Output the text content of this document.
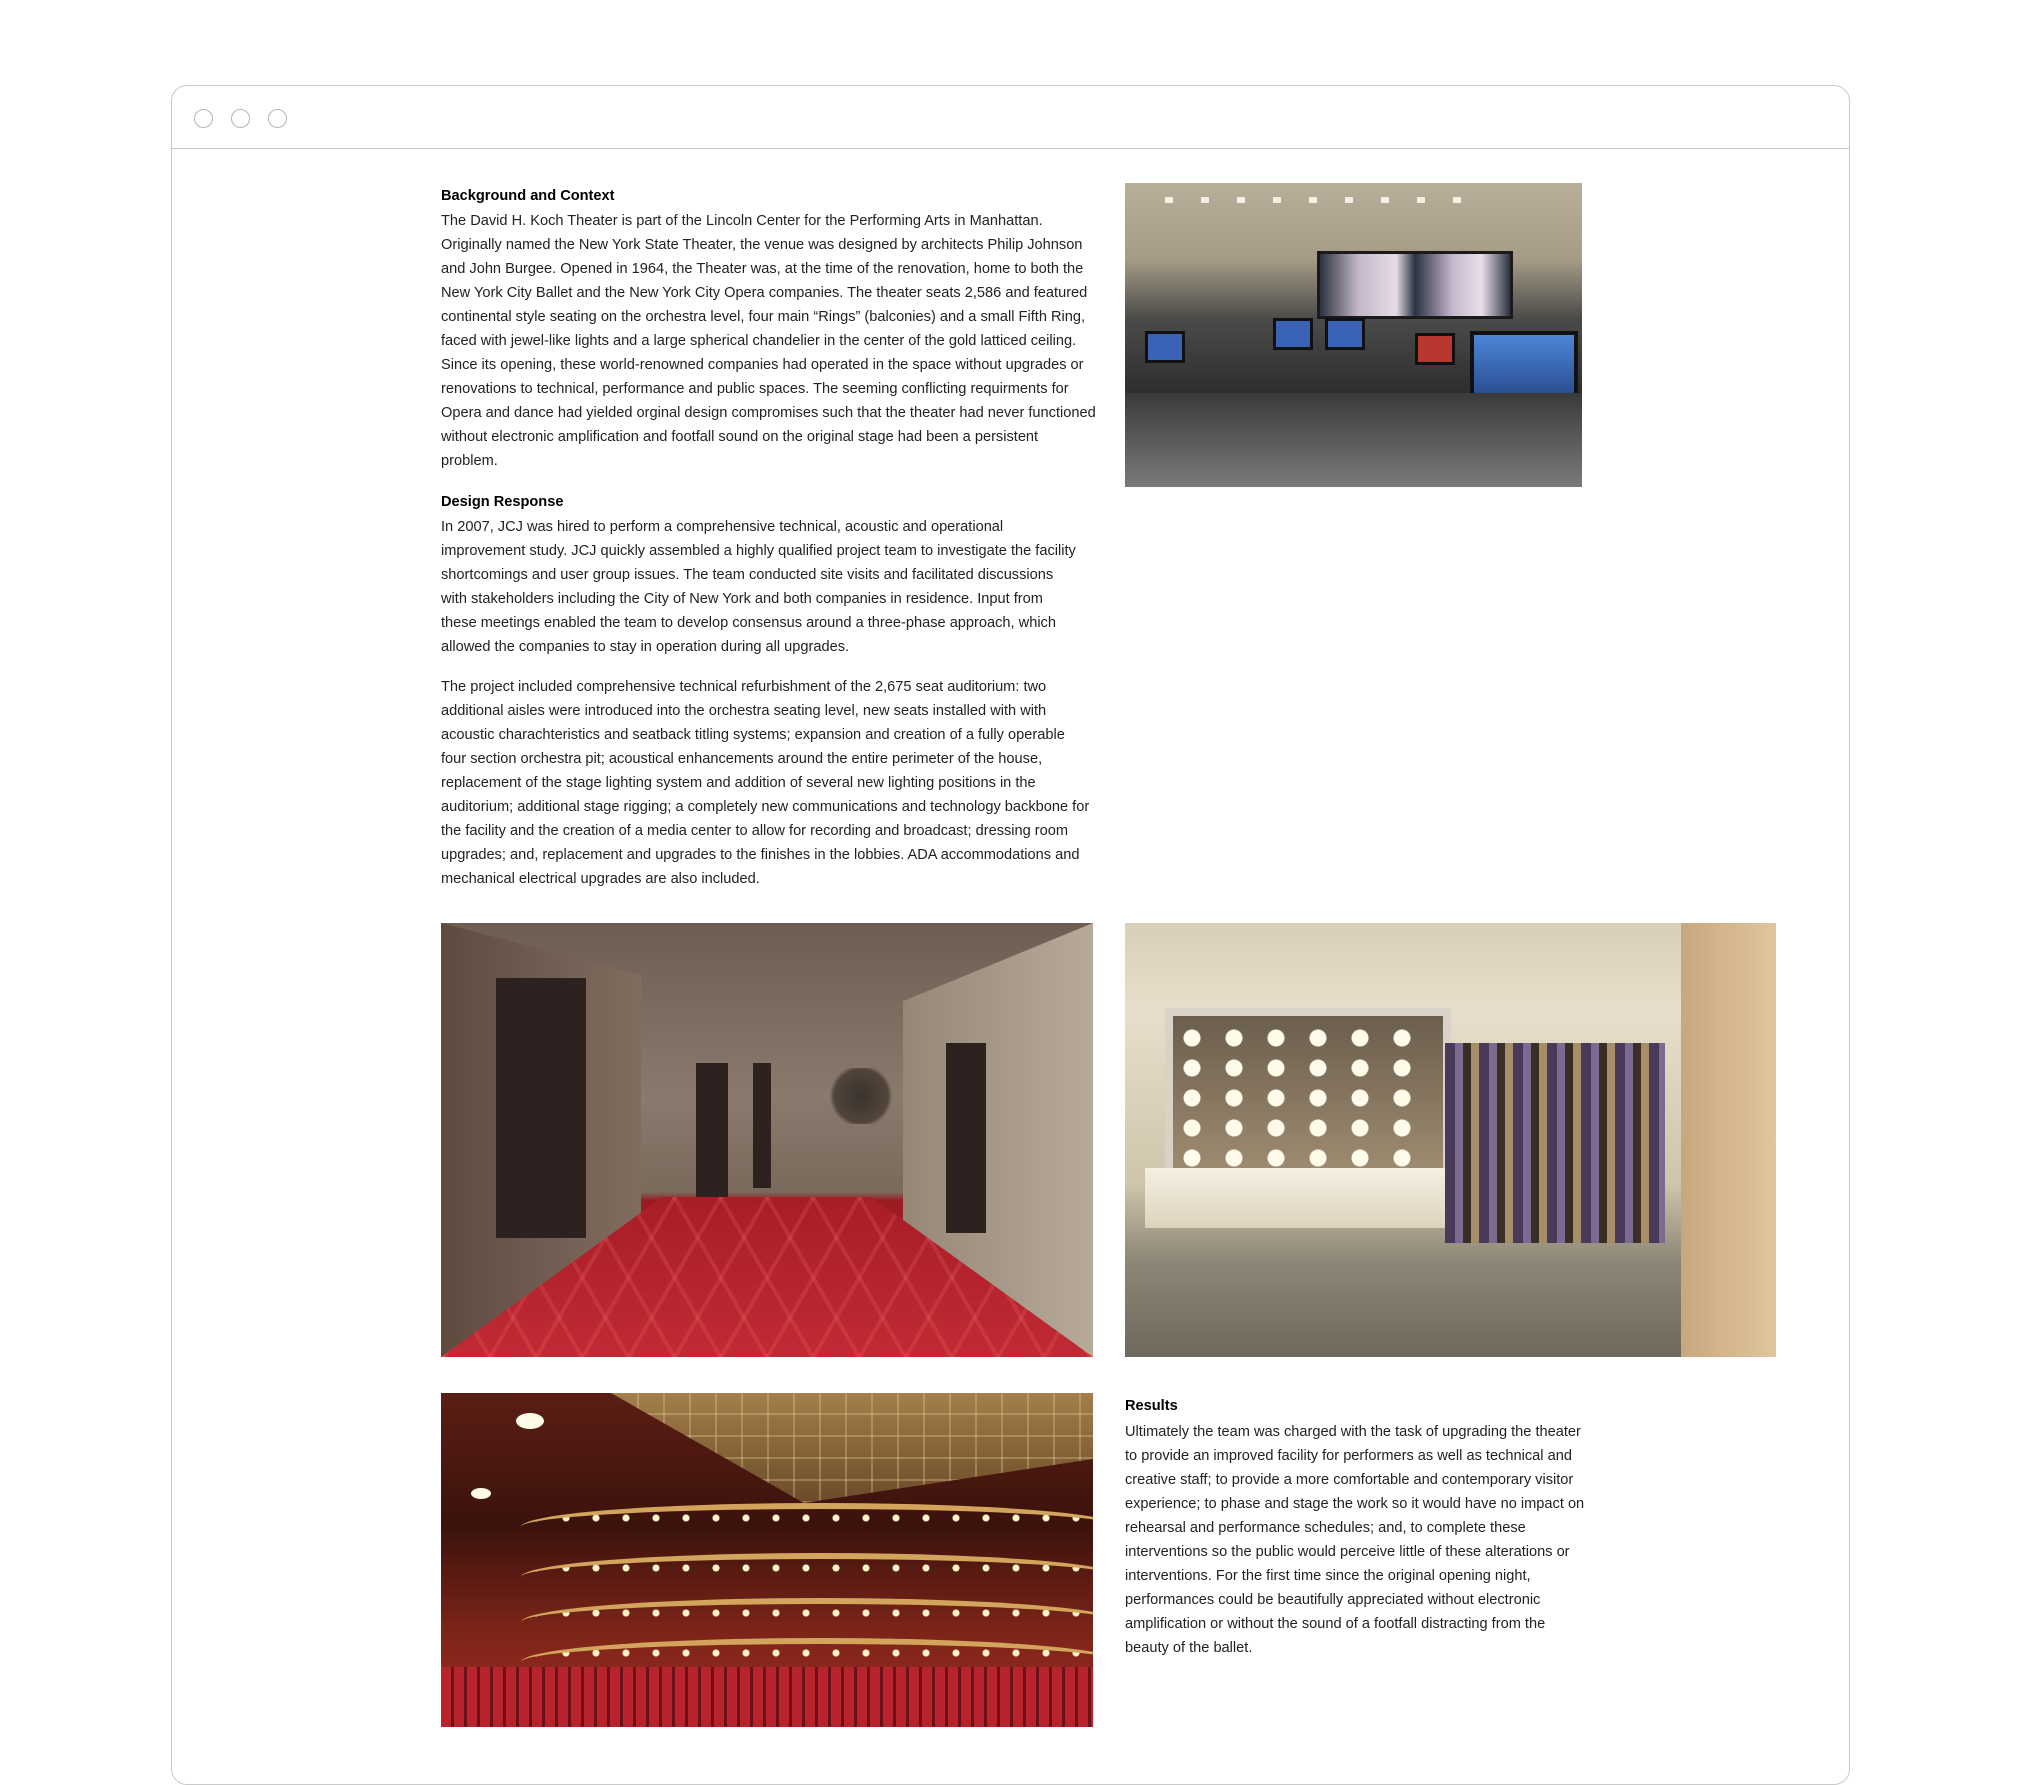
Background and Context

The David H. Koch Theater is part of the Lincoln Center for the Performing Arts in Manhattan. Originally named the New York State Theater, the venue was designed by architects Philip Johnson and John Burgee. Opened in 1964, the Theater was, at the time of the renovation, home to both the New York City Ballet and the New York City Opera companies. The theater seats 2,586 and featured continental style seating on the orchestra level, four main “Rings” (balconies) and a small Fifth Ring, faced with jewel-like lights and a large spherical chandelier in the center of the gold latticed ceiling. Since its opening, these world-renowned companies had operated in the space without upgrades or renovations to technical, performance and public spaces. The seeming conflicting requirments for Opera and dance had yielded orginal design compromises such that the theater had never functioned without electronic amplification and footfall sound on the original stage had been a persistent problem.

Design Response

In 2007, JCJ was hired to perform a comprehensive technical, acoustic and operational improvement study. JCJ quickly assembled a highly qualified project team to investigate the facility shortcomings and user group issues. The team conducted site visits and facilitated discussions with stakeholders including the City of New York and both companies in residence. Input from these meetings enabled the team to develop consensus around a three-phase approach, which allowed the companies to stay in operation during all upgrades.

The project included comprehensive technical refurbishment of the 2,675 seat auditorium: two additional aisles were introduced into the orchestra seating level, new seats installed with with acoustic charachteristics and seatback titling systems; expansion and creation of a fully operable four section orchestra pit; acoustical enhancements around the entire perimeter of the house, replacement of the stage lighting system and addition of several new lighting positions in the auditorium; additional stage rigging; a completely new communications and technology backbone for the facility and the creation of a media center to allow for recording and broadcast; dressing room upgrades; and, replacement and upgrades to the finishes in the lobbies. ADA accommodations and mechanical electrical upgrades are also included.

Results

Ultimately the team was charged with the task of upgrading the theater to provide an improved facility for performers as well as technical and creative staff; to provide a more comfortable and contemporary visitor experience; to phase and stage the work so it would have no impact on rehearsal and performance schedules; and, to complete these interventions so the public would perceive little of these alterations or interventions. For the first time since the original opening night, performances could be beautifully appreciated without electronic amplification or without the sound of a footfall distracting from the beauty of the ballet.
